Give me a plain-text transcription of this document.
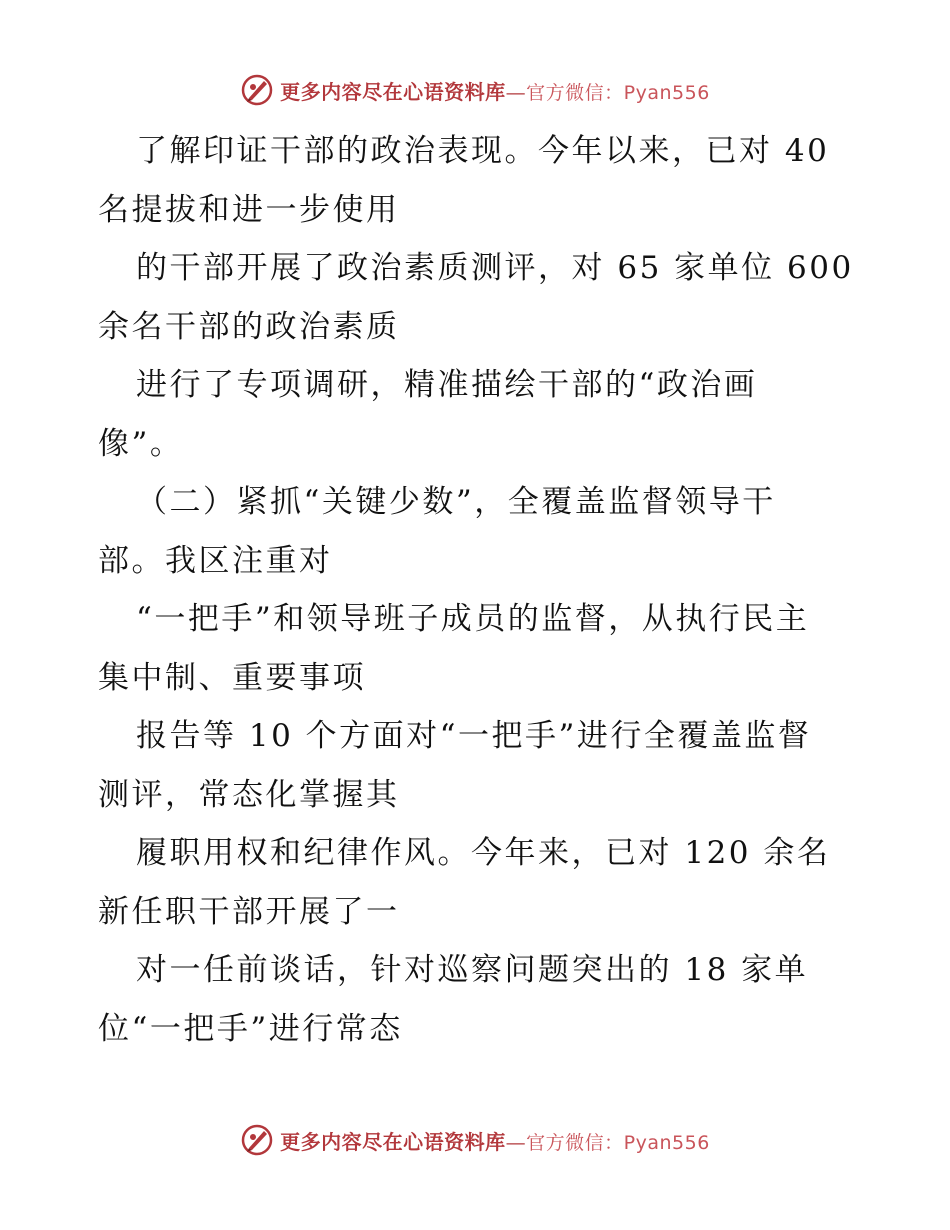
更多内容尽在心语资料库—官方微信：Pyan556
了解印证干部的政治表现。今年以来，已对 40
名提拔和进一步使用
的干部开展了政治素质测评，对 65 家单位 600
余名干部的政治素质
进行了专项调研，精准描绘干部的“政治画
像”。
（二）紧抓“关键少数”，全覆盖监督领导干
部。我区注重对
“一把手”和领导班子成员的监督，从执行民主
集中制、重要事项
报告等 10 个方面对“一把手”进行全覆盖监督
测评，常态化掌握其
履职用权和纪律作风。今年来，已对 120 余名
新任职干部开展了一
对一任前谈话，针对巡察问题突出的 18 家单
位“一把手”进行常态
更多内容尽在心语资料库—官方微信：Pyan556
